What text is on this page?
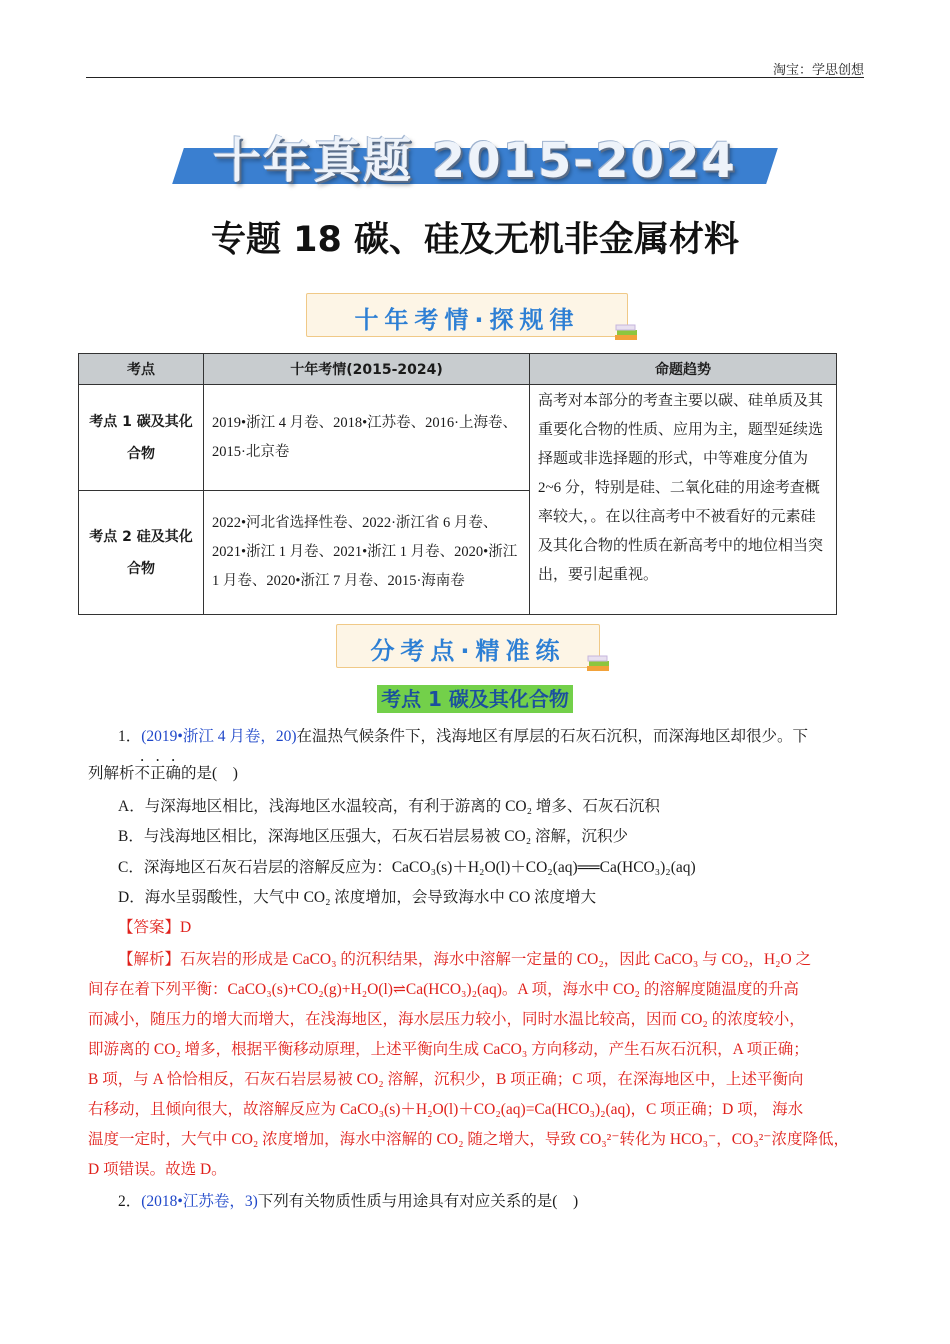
淘宝：学思创想
十年真题 2015-2024
专题 18 碳、硅及无机非金属材料
十年考情·探规律
考点	十年考情(2015-2024)	命题趋势
考点 1 碳及其化合物	2019•浙江 4 月卷、2018•江苏卷、2016·上海卷、2015·北京卷	高考对本部分的考查主要以碳、硅单质及其重要化合物的性质、应用为主，题型延续选择题或非选择题的形式，中等难度分值为 2~6 分，特别是硅、二氧化硅的用途考查概率较大，。在以往高考中不被看好的元素硅及其化合物的性质在新高考中的地位相当突出，要引起重视。
考点 2 硅及其化合物	2022•河北省选择性卷、2022·浙江省 6 月卷、2021•浙江 1 月卷、2021•浙江 1 月卷、2020•浙江 1 月卷、2020•浙江 7 月卷、2015·海南卷	
分考点·精准练
考点 1 碳及其化合物
1．(2019•浙江 4 月卷，20)在温热气候条件下，浅海地区有厚层的石灰石沉积，而深海地区却很少。下
列解析不正确的是(　)
A．与深海地区相比，浅海地区水温较高，有利于游离的 CO₂ 增多、石灰石沉积
B．与浅海地区相比，深海地区压强大，石灰石岩层易被 CO₂ 溶解，沉积少
C．深海地区石灰石岩层的溶解反应为：CaCO₃(s)＋H₂O(l)＋CO₂(aq)══Ca(HCO₃)₂(aq)
D．海水呈弱酸性，大气中 CO₂ 浓度增加，会导致海水中 CO 浓度增大
【答案】D
【解析】石灰岩的形成是 CaCO₃ 的沉积结果，海水中溶解一定量的 CO₂，因此 CaCO₃ 与 CO₂，H₂O 之
间存在着下列平衡：CaCO₃(s)+CO₂(g)+H₂O(l)⇌Ca(HCO₃)₂(aq)。A 项，海水中 CO₂ 的溶解度随温度的升高
而减小，随压力的增大而增大，在浅海地区，海水层压力较小，同时水温比较高，因而 CO₂ 的浓度较小，
即游离的 CO₂ 增多，根据平衡移动原理，上述平衡向生成 CaCO₃ 方向移动，产生石灰石沉积，A 项正确；
B 项，与 A 恰恰相反，石灰石岩层易被 CO₂ 溶解，沉积少，B 项正确；C 项，在深海地区中，上述平衡向
右移动，且倾向很大，故溶解反应为 CaCO₃(s)＋H₂O(l)＋CO₂(aq)=Ca(HCO₃)₂(aq)，C 项正确；D 项， 海水
温度一定时，大气中 CO₂ 浓度增加，海水中溶解的 CO₂ 随之增大，导致 CO₃²⁻转化为 HCO₃⁻，CO₃²⁻浓度降低，
D 项错误。故选 D。
2．(2018•江苏卷，3)下列有关物质性质与用途具有对应关系的是(　)
